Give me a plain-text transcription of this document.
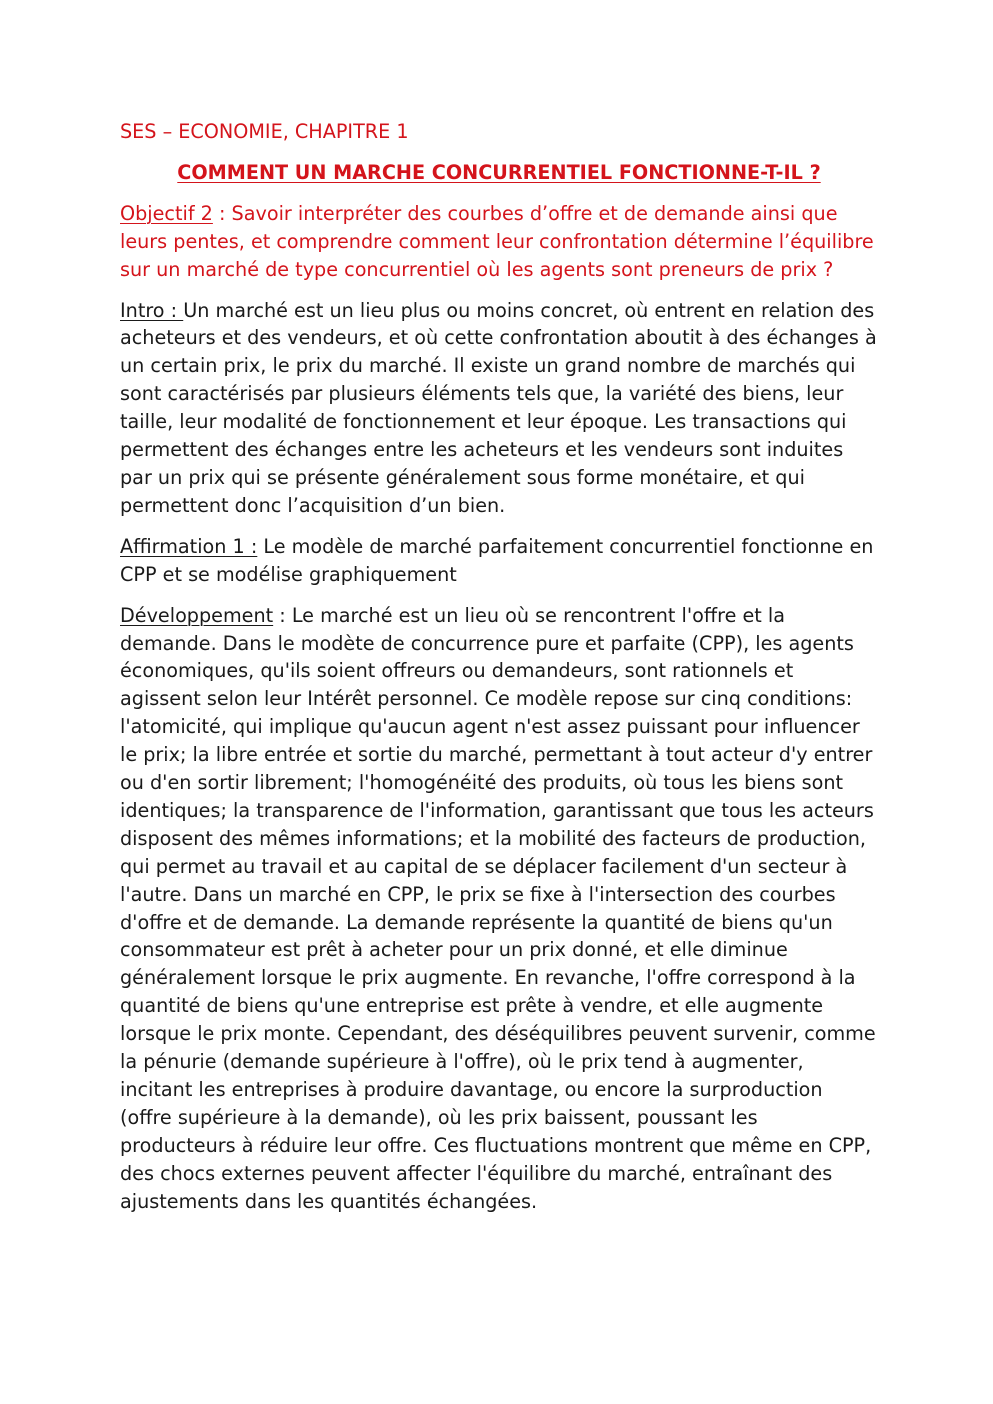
SES – ECONOMIE, CHAPITRE 1

COMMENT UN MARCHE CONCURRENTIEL FONCTIONNE-T-IL ?

Objectif 2 : Savoir interpréter des courbes d’offre et de demande ainsi que leurs pentes, et comprendre comment leur confrontation détermine l’équilibre sur un marché de type concurrentiel où les agents sont preneurs de prix ?

Intro : Un marché est un lieu plus ou moins concret, où entrent en relation des acheteurs et des vendeurs, et où cette confrontation aboutit à des échanges à un certain prix, le prix du marché. Il existe un grand nombre de marchés qui sont caractérisés par plusieurs éléments tels que, la variété des biens, leur taille, leur modalité de fonctionnement et leur époque. Les transactions qui permettent des échanges entre les acheteurs et les vendeurs sont induites par un prix qui se présente généralement sous forme monétaire, et qui permettent donc l’acquisition d’un bien.

Affirmation 1 : Le modèle de marché parfaitement concurrentiel fonctionne en CPP et se modélise graphiquement

Développement : Le marché est un lieu où se rencontrent l'offre et la demande. Dans le modète de concurrence pure et parfaite (CPP), les agents économiques, qu'ils soient offreurs ou demandeurs, sont rationnels et agissent selon leur Intérêt personnel. Ce modèle repose sur cinq conditions: l'atomicité, qui implique qu'aucun agent n'est assez puissant pour influencer le prix; la libre entrée et sortie du marché, permettant à tout acteur d'y entrer ou d'en sortir librement; l'homogénéité des produits, où tous les biens sont identiques; la transparence de l'information, garantissant que tous les acteurs disposent des mêmes informations; et la mobilité des facteurs de production, qui permet au travail et au capital de se déplacer facilement d'un secteur à l'autre. Dans un marché en CPP, le prix se fixe à l'intersection des courbes d'offre et de demande. La demande représente la quantité de biens qu'un consommateur est prêt à acheter pour un prix donné, et elle diminue généralement lorsque le prix augmente. En revanche, l'offre correspond à la quantité de biens qu'une entreprise est prête à vendre, et elle augmente lorsque le prix monte. Cependant, des déséquilibres peuvent survenir, comme la pénurie (demande supérieure à l'offre), où le prix tend à augmenter, incitant les entreprises à produire davantage, ou encore la surproduction (offre supérieure à la demande), où les prix baissent, poussant les producteurs à réduire leur offre. Ces fluctuations montrent que même en CPP, des chocs externes peuvent affecter l'équilibre du marché, entraînant des ajustements dans les quantités échangées.
